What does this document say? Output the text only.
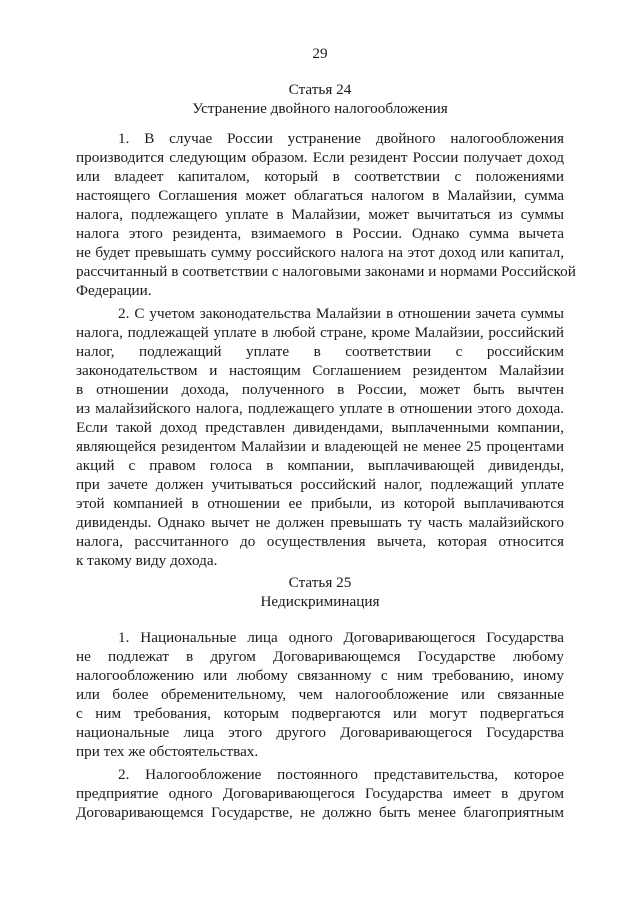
29
Статья 24
Устранение двойного налогообложения
1. В случае России устранение двойного налогообложения
производится следующим образом. Если резидент России получает доход
или владеет капиталом, который в соответствии с положениями
настоящего Соглашения может облагаться налогом в Малайзии, сумма
налога, подлежащего уплате в Малайзии, может вычитаться из суммы
налога этого резидента, взимаемого в России. Однако сумма вычета
не будет превышать сумму российского налога на этот доход или капитал,
рассчитанный в соответствии с налоговыми законами и нормами Российской
Федерации.
2. С учетом законодательства Малайзии в отношении зачета суммы
налога, подлежащей уплате в любой стране, кроме Малайзии, российский
налог, подлежащий уплате в соответствии с российским
законодательством и настоящим Соглашением резидентом Малайзии
в отношении дохода, полученного в России, может быть вычтен
из малайзийского налога, подлежащего уплате в отношении этого дохода.
Если такой доход представлен дивидендами, выплаченными компании,
являющейся резидентом Малайзии и владеющей не менее 25 процентами
акций с правом голоса в компании, выплачивающей дивиденды,
при зачете должен учитываться российский налог, подлежащий уплате
этой компанией в отношении ее прибыли, из которой выплачиваются
дивиденды. Однако вычет не должен превышать ту часть малайзийского
налога, рассчитанного до осуществления вычета, которая относится
к такому виду дохода.
Статья 25
Недискриминация
1. Национальные лица одного Договаривающегося Государства
не подлежат в другом Договаривающемся Государстве любому
налогообложению или любому связанному с ним требованию, иному
или более обременительному, чем налогообложение или связанные
с ним требования, которым подвергаются или могут подвергаться
национальные лица этого другого Договаривающегося Государства
при тех же обстоятельствах.
2. Налогообложение постоянного представительства, которое
предприятие одного Договаривающегося Государства имеет в другом
Договаривающемся Государстве, не должно быть менее благоприятным
